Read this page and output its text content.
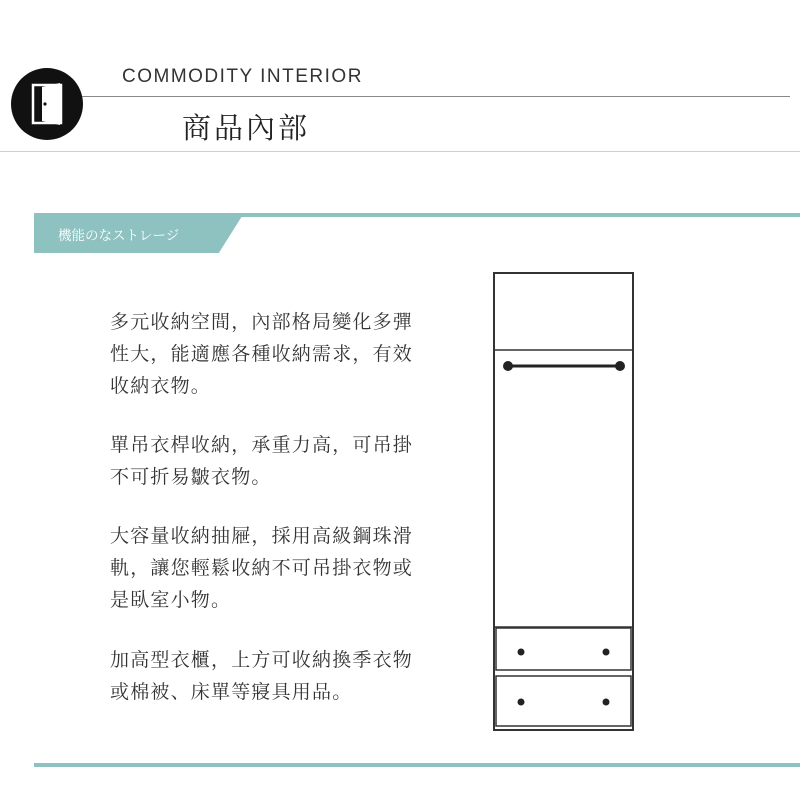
COMMODITY INTERIOR
商品內部
機能のなストレージ
多元收納空間，內部格局變化多彈
性大，能適應各種收納需求，有效
收納衣物。
單吊衣桿收納，承重力高，可吊掛
不可折易皺衣物。
大容量收納抽屜，採用高級鋼珠滑
軌，讓您輕鬆收納不可吊掛衣物或
是臥室小物。
加高型衣櫃，上方可收納換季衣物
或棉被、床單等寢具用品。
